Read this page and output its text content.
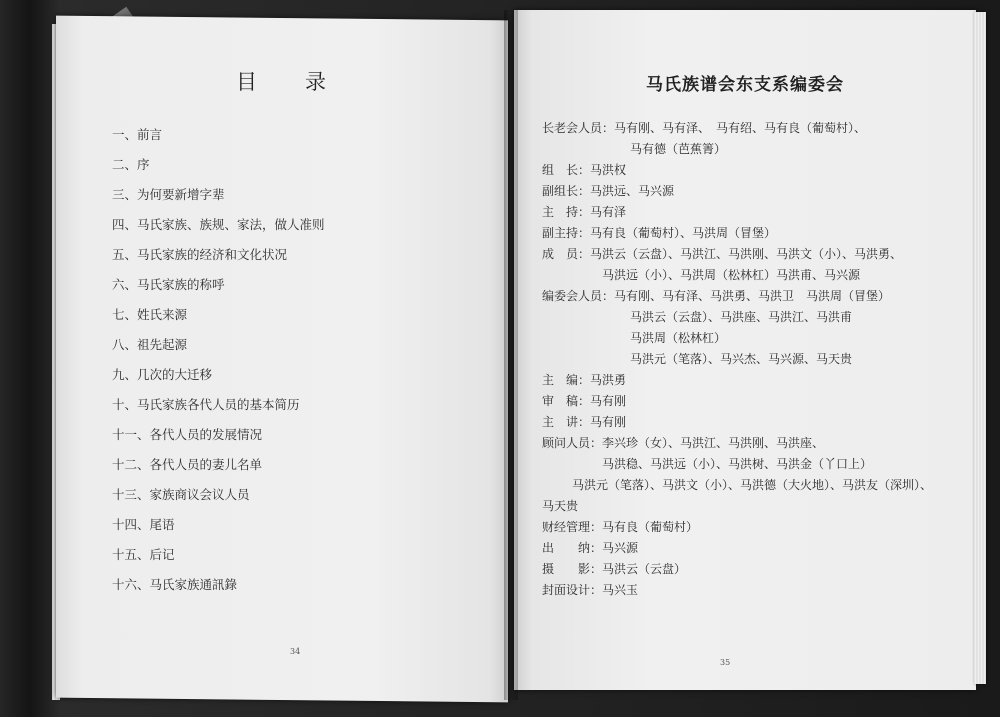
目　　录
一、前言
二、序
三、为何要新增字辈
四、马氏家族、族规、家法，做人准则
五、马氏家族的经济和文化状况
六、马氏家族的称呼
七、姓氏来源
八、祖先起源
九、几次的大迁移
十、马氏家族各代人员的基本简历
十一、各代人员的发展情况
十二、各代人员的妻儿名单
十三、家族商议会议人员
十四、尾语
十五、后记
十六、马氏家族通訊錄
34
马氏族谱会东支系编委会
长老会人员：马有刚、马有泽、　马有绍、马有良（葡萄村）、
马有德（芭蕉箐）
组　长：马洪权
副组长：马洪远、马兴源
主　持：马有泽
副主持：马有良（葡萄村）、马洪周（冒堡）
成　员：马洪云（云盘）、马洪江、马洪刚、马洪文（小）、马洪勇、
马洪远（小）、马洪周（松林杠）马洪甫、马兴源
编委会人员：马有刚、马有泽、马洪勇、马洪卫　马洪周（冒堡）
马洪云（云盘）、马洪座、马洪江、马洪甫
马洪周（松林杠）
马洪元（笔落）、马兴杰、马兴源、马天贵
主　编：马洪勇
审　稿：马有刚
主　讲：马有刚
顾问人员：李兴珍（女）、马洪江、马洪刚、马洪座、
马洪稳、马洪远（小）、马洪树、马洪金（丫口上）
马洪元（笔落）、马洪文（小）、马洪德（大火地）、马洪友（深圳）、
马天贵
财经管理：马有良（葡萄村）
出　　纳：马兴源
摄　　影：马洪云（云盘）
封面设计：马兴玉
35
